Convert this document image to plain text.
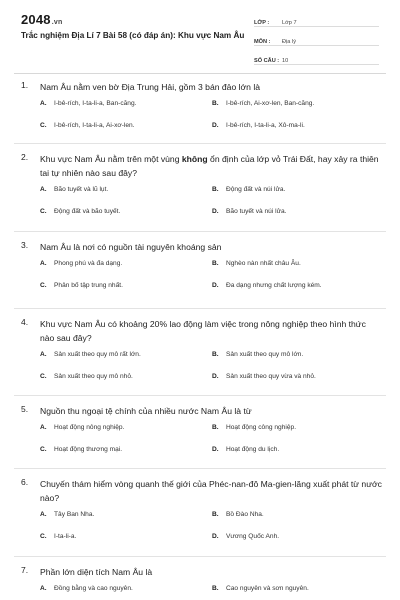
2048.vn
Trắc nghiệm Địa Lí 7 Bài 58 (có đáp án): Khu vực Nam Âu
LỚP :	Lớp 7
MÔN :	Địa lý
SỐ CÂU : 10
1. Nam Âu nằm ven bờ Địa Trung Hải, gồm 3 bán đảo lớn là
A. I-bê-rích, I-ta-li-a, Ban-căng.	B. I-bê-rích, Ai-xơ-len, Ban-căng.
C. I-bê-rích, I-ta-li-a, Ai-xơ-len.	D. I-bê-rích, I-ta-li-a, Xô-ma-li.
2. Khu vực Nam Âu nằm trên một vùng không ổn định của lớp vỏ Trái Đất, hay xảy ra thiên tai tự nhiên nào sau đây?
A. Bão tuyết và lũ lụt.	B. Động đất và núi lửa.
C. Động đất và bão tuyết.	D. Bão tuyết và núi lửa.
3. Nam Âu là nơi có nguồn tài nguyên khoáng sản
A. Phong phú và đa dạng.	B. Nghèo nàn nhất châu Âu.
C. Phân bố tập trung nhất.	D. Đa dạng nhưng chất lượng kém.
4. Khu vực Nam Âu có khoảng 20% lao động làm việc trong nông nghiệp theo hình thức nào sau đây?
A. Sản xuất theo quy mô rất lớn.	B. Sản xuất theo quy mô lớn.
C. Sản xuất theo quy mô nhỏ.	D. Sản xuất theo quy vừa và nhỏ.
5. Nguồn thu ngoại tệ chính của nhiều nước Nam Âu là từ
A. Hoạt động nông nghiệp.	B. Hoạt động công nghiệp.
C. Hoạt động thương mại.	D. Hoạt động du lịch.
6. Chuyến thám hiểm vòng quanh thế giới của Phéc-nan-đô Ma-gien-lăng xuất phát từ nước nào?
A. Tây Ban Nha.	B. Bồ Đào Nha.
C. I-ta-li-a.	D. Vương Quốc Anh.
7. Phần lớn diện tích Nam Âu là
A. Đồng bằng và cao nguyên.	B. Cao nguyên và sơn nguyên.
